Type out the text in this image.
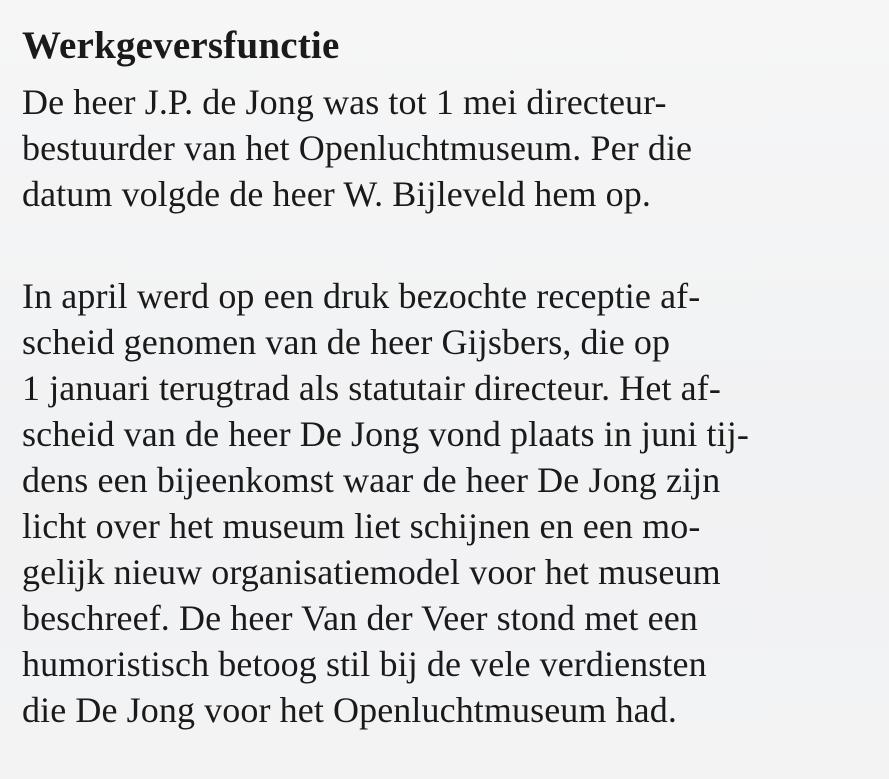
Werkgeversfunctie

De heer J.P. de Jong was tot 1 mei directeur-

bestuurder van het Openluchtmuseum. Per die

datum volgde de heer W. Bijleveld hem op.

In april werd op een druk bezochte receptie af-

scheid genomen van de heer Gijsbers, die op

1 januari terugtrad als statutair directeur. Het af-

scheid van de heer De Jong vond plaats in juni tij-

dens een bijeenkomst waar de heer De Jong zijn

licht over het museum liet schijnen en een mo-

gelijk nieuw organisatiemodel voor het museum

beschreef. De heer Van der Veer stond met een

humoristisch betoog stil bij de vele verdiensten

die De Jong voor het Openluchtmuseum had.
